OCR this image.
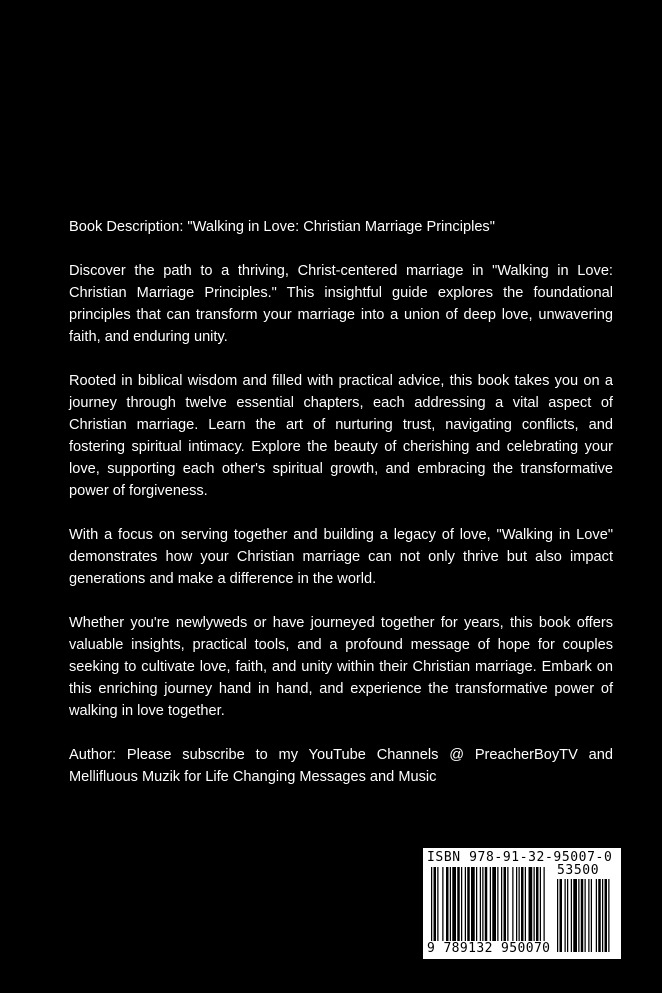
Book Description: "Walking in Love: Christian Marriage Principles"

Discover the path to a thriving, Christ-centered marriage in "Walking in Love: Christian Marriage Principles." This insightful guide explores the foundational principles that can transform your marriage into a union of deep love, unwavering faith, and enduring unity.

Rooted in biblical wisdom and filled with practical advice, this book takes you on a journey through twelve essential chapters, each addressing a vital aspect of Christian marriage. Learn the art of nurturing trust, navigating conflicts, and fostering spiritual intimacy. Explore the beauty of cherishing and celebrating your love, supporting each other's spiritual growth, and embracing the transformative power of forgiveness.

With a focus on serving together and building a legacy of love, "Walking in Love" demonstrates how your Christian marriage can not only thrive but also impact generations and make a difference in the world.

Whether you're newlyweds or have journeyed together for years, this book offers valuable insights, practical tools, and a profound message of hope for couples seeking to cultivate love, faith, and unity within their Christian marriage. Embark on this enriching journey hand in hand, and experience the transformative power of walking in love together.

Author: Please subscribe to my YouTube Channels @ PreacherBoyTV and Mellifluous Muzik for Life Changing Messages and Music

ISBN 978-91-32-95007-0
53500
9 789132 950070
